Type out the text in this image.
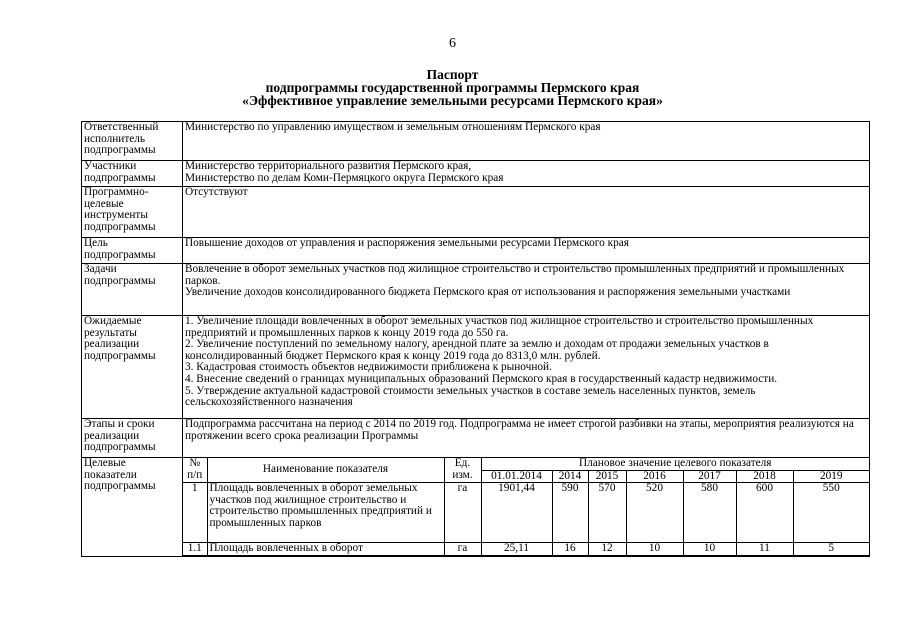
6
Паспорт
подпрограммы государственной программы Пермского края
«Эффективное управление земельными ресурсами Пермского края»
Ответственный исполнитель подпрограммы	
Министерство по управлению имуществом и земельным отношениям Пермского края

Участники подпрограммы	
Министерство территориального развития Пермского края,
Министерство по делам Коми-Пермяцкого округа Пермского края

Программно-целевые инструменты подпрограммы	
Отсутствуют

Цель подпрограммы	
Повышение доходов от управления и распоряжения земельными ресурсами Пермского края

Задачи подпрограммы	
Вовлечение в оборот земельных участков под жилищное строительство и строительство промышленных предприятий и промышленных парков.
Увеличение доходов консолидированного бюджета Пермского края от использования и распоряжения земельными участками

Ожидаемые результаты реализации подпрограммы	
1. Увеличение площади вовлеченных в оборот земельных участков под жилищное строительство и строительство промышленных предприятий и промышленных парков к концу 2019 года до 550 га.
2. Увеличение поступлений по земельному налогу, арендной плате за землю и доходам от продажи земельных участков в консолидированный бюджет Пермского края к концу 2019 года до 8313,0 млн. рублей.
3. Кадастровая стоимость объектов недвижимости приближена к рыночной.
4. Внесение сведений о границах муниципальных образований Пермского края в государственный кадастр недвижимости.
5. Утверждение актуальной кадастровой стоимости земельных участков в составе земель населенных пунктов, земель сельскохозяйственного назначения

Этапы и сроки реализации подпрограммы	
Подпрограмма рассчитана на период с 2014 по 2019 год. Подпрограмма не имеет строгой разбивки на этапы, мероприятия реализуются на протяжении всего срока реализации Программы

Целевые показатели подпрограммы	
№ п/п	Наименование показателя	Ед. изм.	Плановое значение целевого показателя
01.01.2014	2014	2015	2016	2017	2018	2019
1	Площадь вовлеченных в оборот земельных участков под жилищное строительство и строительство промышленных предприятий и промышленных парков	га	1901,44	590	570	520	580	600	550
1.1	Площадь вовлеченных в оборот	га	25,11	16	12	10	10	11	5
